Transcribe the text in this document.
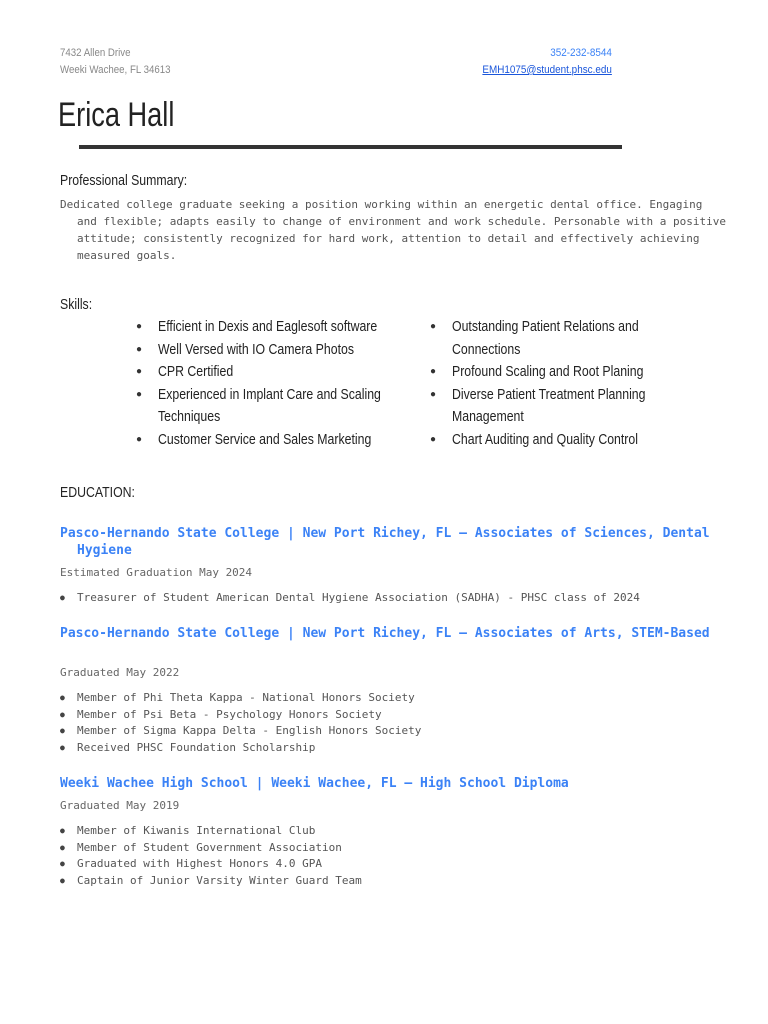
7432 Allen Drive
Weeki Wachee, FL 34613
352-232-8544
EMH1075@student.phsc.edu
Erica Hall
Professional Summary:
Dedicated college graduate seeking a position working within an energetic dental office. Engaging and flexible; adapts easily to change of environment and work schedule. Personable with a positive attitude; consistently recognized for hard work, attention to detail and effectively achieving measured goals.
Skills:
● Efficient in Dexis and Eaglesoft software
● Well Versed with IO Camera Photos
● CPR Certified
● Experienced in Implant Care and Scaling Techniques
● Customer Service and Sales Marketing
● Outstanding Patient Relations and Connections
● Profound Scaling and Root Planing
● Diverse Patient Treatment Planning Management
● Chart Auditing and Quality Control
EDUCATION:
Pasco-Hernando State College | New Port Richey, FL — Associates of Sciences, Dental Hygiene
Estimated Graduation May 2024
● Treasurer of Student American Dental Hygiene Association (SADHA) - PHSC class of 2024
Pasco-Hernando State College | New Port Richey, FL — Associates of Arts, STEM-Based
Graduated May 2022
● Member of Phi Theta Kappa - National Honors Society
● Member of Psi Beta - Psychology Honors Society
● Member of Sigma Kappa Delta - English Honors Society
● Received PHSC Foundation Scholarship
Weeki Wachee High School | Weeki Wachee, FL — High School Diploma
Graduated May 2019
● Member of Kiwanis International Club
● Member of Student Government Association
● Graduated with Highest Honors 4.0 GPA
● Captain of Junior Varsity Winter Guard Team
